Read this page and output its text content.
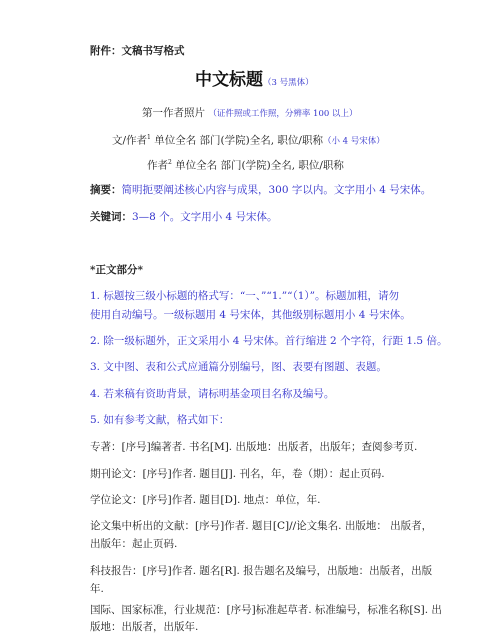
附件：文稿书写格式
中文标题（3 号黑体）
第一作者照片 （证件照或工作照，分辨率 100 以上）
文/作者$^1$ 单位全名 部门(学院)全名, 职位/职称（小 4 号宋体）
作者$^2$ 单位全名 部门(学院)全名, 职位/职称
摘要：简明扼要阐述核心内容与成果，300 字以内。文字用小 4 号宋体。
关键词：3—8 个。文字用小 4 号宋体。
*正文部分*
1. 标题按三级小标题的格式写：“一、”“1.”“（1）”。标题加粗，请勿
使用自动编号。一级标题用 4 号宋体，其他级别标题用小 4 号宋体。
2. 除一级标题外，正文采用小 4 号宋体。首行缩进 2 个字符，行距 1.5 倍。
3. 文中图、表和公式应通篇分别编号，图、表要有图题、表题。
4. 若来稿有资助背景，请标明基金项目名称及编号。
5. 如有参考文献，格式如下：
专著：[序号]编著者. 书名[M]. 出版地：出版者，出版年；查阅参考页.
期刊论文：[序号]作者. 题目[J]. 刊名，年，卷（期）：起止页码.
学位论文：[序号]作者. 题目[D]. 地点：单位，年.
论文集中析出的文献：[序号]作者. 题目[C]//论文集名. 出版地： 出版者，
出版年：起止页码.
科技报告：[序号]作者. 题名[R]. 报告题名及编号，出版地：出版者，出版
年.
国际、国家标准，行业规范：[序号]标准起草者. 标准编号，标准名称[S]. 出
版地：出版者，出版年.
